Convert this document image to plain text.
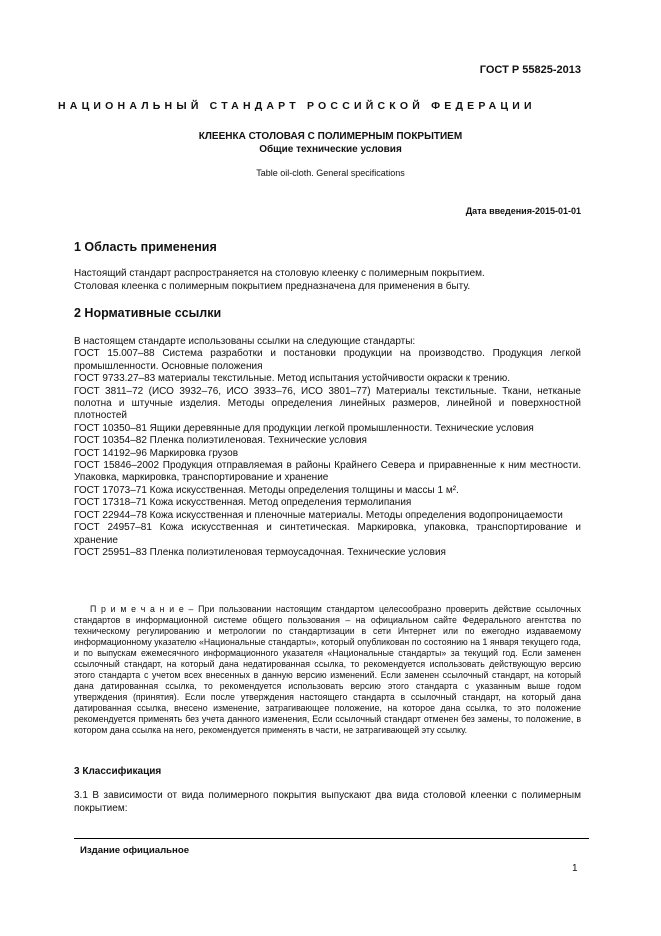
ГОСТ Р 55825-2013
НАЦИОНАЛЬНЫЙ СТАНДАРТ РОССИЙСКОЙ ФЕДЕРАЦИИ
КЛЕЕНКА СТОЛОВАЯ С ПОЛИМЕРНЫМ ПОКРЫТИЕМ
Общие технические условия
Table oil-cloth. General specifications
Дата введения-2015-01-01
1 Область применения

Настоящий стандарт распространяется на столовую клеенку с полимерным покрытием.

Столовая клеенка с полимерным покрытием предназначена для применения в быту.

2 Нормативные ссылки

В настоящем стандарте использованы ссылки на следующие стандарты:

ГОСТ 15.007–88 Система разработки и постановки продукции на производство. Продукция легкой промышленности. Основные положения

ГОСТ 9733.27–83 материалы текстильные. Метод испытания устойчивости окраски к трению.

ГОСТ 3811–72 (ИСО 3932–76, ИСО 3933–76, ИСО 3801–77) Материалы текстильные. Ткани, нетканые полотна и штучные изделия. Методы определения линейных размеров, линейной и поверхностной плотностей

ГОСТ 10350–81 Ящики деревянные для продукции легкой промышленности. Технические условия

ГОСТ 10354–82 Пленка полиэтиленовая. Технические условия

ГОСТ 14192–96 Маркировка грузов

ГОСТ 15846–2002 Продукция отправляемая в районы Крайнего Севера и приравненные к ним местности. Упаковка, маркировка, транспортирование и хранение

ГОСТ 17073–71 Кожа искусственная. Методы определения толщины и массы 1 м².

ГОСТ 17318–71 Кожа искусственная. Метод определения термолипания

ГОСТ 22944–78 Кожа искусственная и пленочные материалы. Методы определения водопроницаемости

ГОСТ 24957–81 Кожа искусственная и синтетическая. Маркировка, упаковка, транспортирование и хранение

ГОСТ 25951–83 Пленка полиэтиленовая термоусадочная. Технические условия

П р и м е ч а н и е – При пользовании настоящим стандартом целесообразно проверить действие ссылочных стандартов в информационной системе общего пользования – на официальном сайте Федерального агентства по техническому регулированию и метрологии по стандартизации в сети Интернет или по ежегодно издаваемому информационному указателю «Национальные стандарты», который опубликован по состоянию на 1 января текущего года, и по выпускам ежемесячного информационного указателя «Национальные стандарты» за текущий год. Если заменен ссылочный стандарт, на который дана недатированная ссылка, то рекомендуется использовать действующую версию этого стандарта с учетом всех внесенных в данную версию изменений. Если заменен ссылочный стандарт, на который дана датированная ссылка, то рекомендуется использовать версию этого стандарта с указанным выше годом утверждения (принятия). Если после утверждения настоящего стандарта в ссылочный стандарт, на который дана датированная ссылка, внесено изменение, затрагивающее положение, на которое дана ссылка, то это положение рекомендуется применять без учета данного изменения, Если ссылочный стандарт отменен без замены, то положение, в котором дана ссылка на него, рекомендуется применять в части, не затрагивающей эту ссылку.
3 Классификация
3.1 В зависимости от вида полимерного покрытия выпускают два вида столовой клеенки с полимерным покрытием:
Издание официальное
1
